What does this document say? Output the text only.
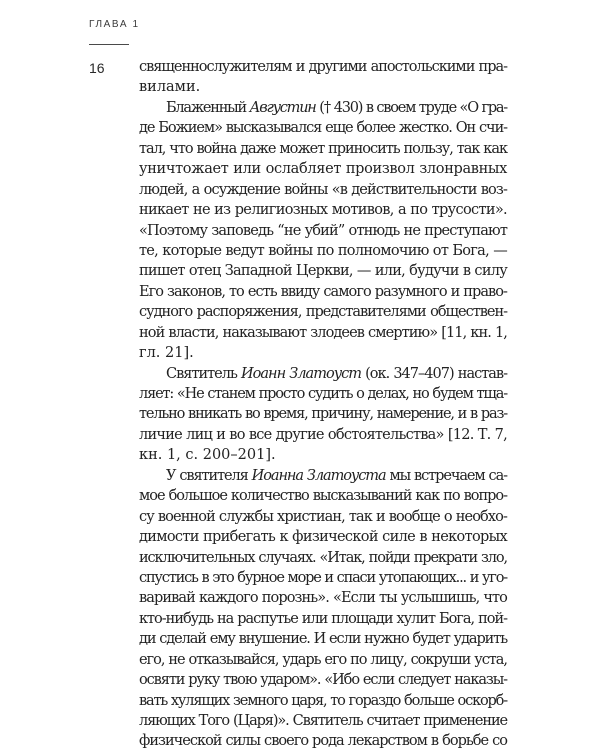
ГЛАВА 1
16 священнослужителям и другими апостольскими пра-
вилами.
Блаженный Августин († 430) в своем труде «О гра-
де Божием» высказывался еще более жестко. Он счи-
тал, что война даже может приносить пользу, так как
уничтожает или ослабляет произвол злонравных
людей, а осуждение войны «в действительности воз-
никает не из религиозных мотивов, а по трусости».
«Поэтому заповедь “не убий” отнюдь не преступают
те, которые ведут войны по полномочию от Бога, —
пишет отец Западной Церкви, — или, будучи в силу
Его законов, то есть ввиду самого разумного и право-
судного распоряжения, представителями обществен-
ной власти, наказывают злодеев смертию» [11, кн. 1,
гл. 21].
Святитель Иоанн Златоуст (ок. 347–407) настав-
ляет: «Не станем просто судить о делах, но будем тща-
тельно вникать во время, причину, намерение, и в раз-
личие лиц и во все другие обстоятельства» [12. Т. 7,
кн. 1, с. 200–201].
У святителя Иоанна Златоуста мы встречаем са-
мое большое количество высказываний как по вопро-
су военной службы христиан, так и вообще о необхо-
димости прибегать к физической силе в некоторых
исключительных случаях. «Итак, пойди прекрати зло,
спустись в это бурное море и спаси утопающих... и уго-
варивай каждого порознь». «Если ты услышишь, что
кто-нибудь на распутье или площади хулит Бога, пой-
ди сделай ему внушение. И если нужно будет ударить
его, не отказывайся, ударь его по лицу, сокруши уста,
освяти руку твою ударом». «Ибо если следует наказы-
вать хулящих земного царя, то гораздо больше оскорб-
ляющих Того (Царя)». Святитель считает применение
физической силы своего рода лекарством в борьбе со
